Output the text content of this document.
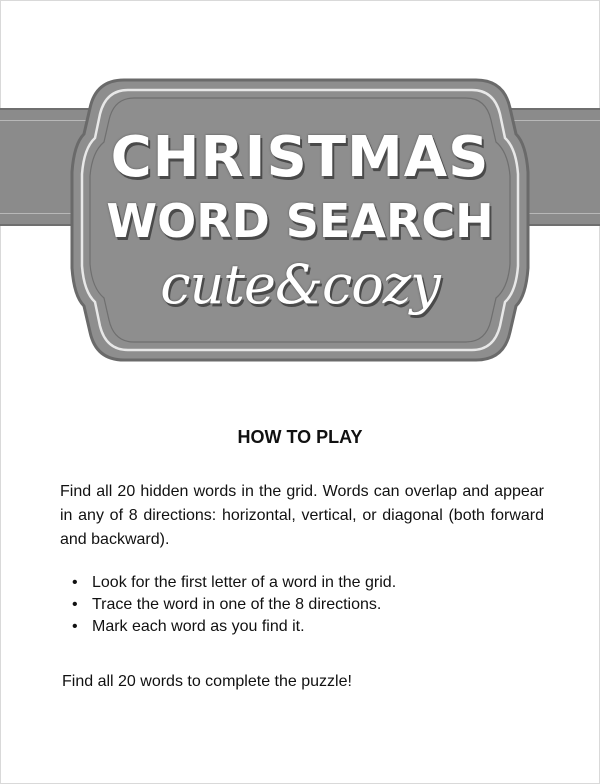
CHRISTMAS
WORD SEARCH
cute&cozy
HOW TO PLAY

Find all 20 hidden words in the grid. Words can overlap and appear in any of 8 directions: horizontal, vertical, or diagonal (both forward and backward).

• Look for the first letter of a word in the grid.
• Trace the word in one of the 8 directions.
• Mark each word as you find it.

Find all 20 words to complete the puzzle!
